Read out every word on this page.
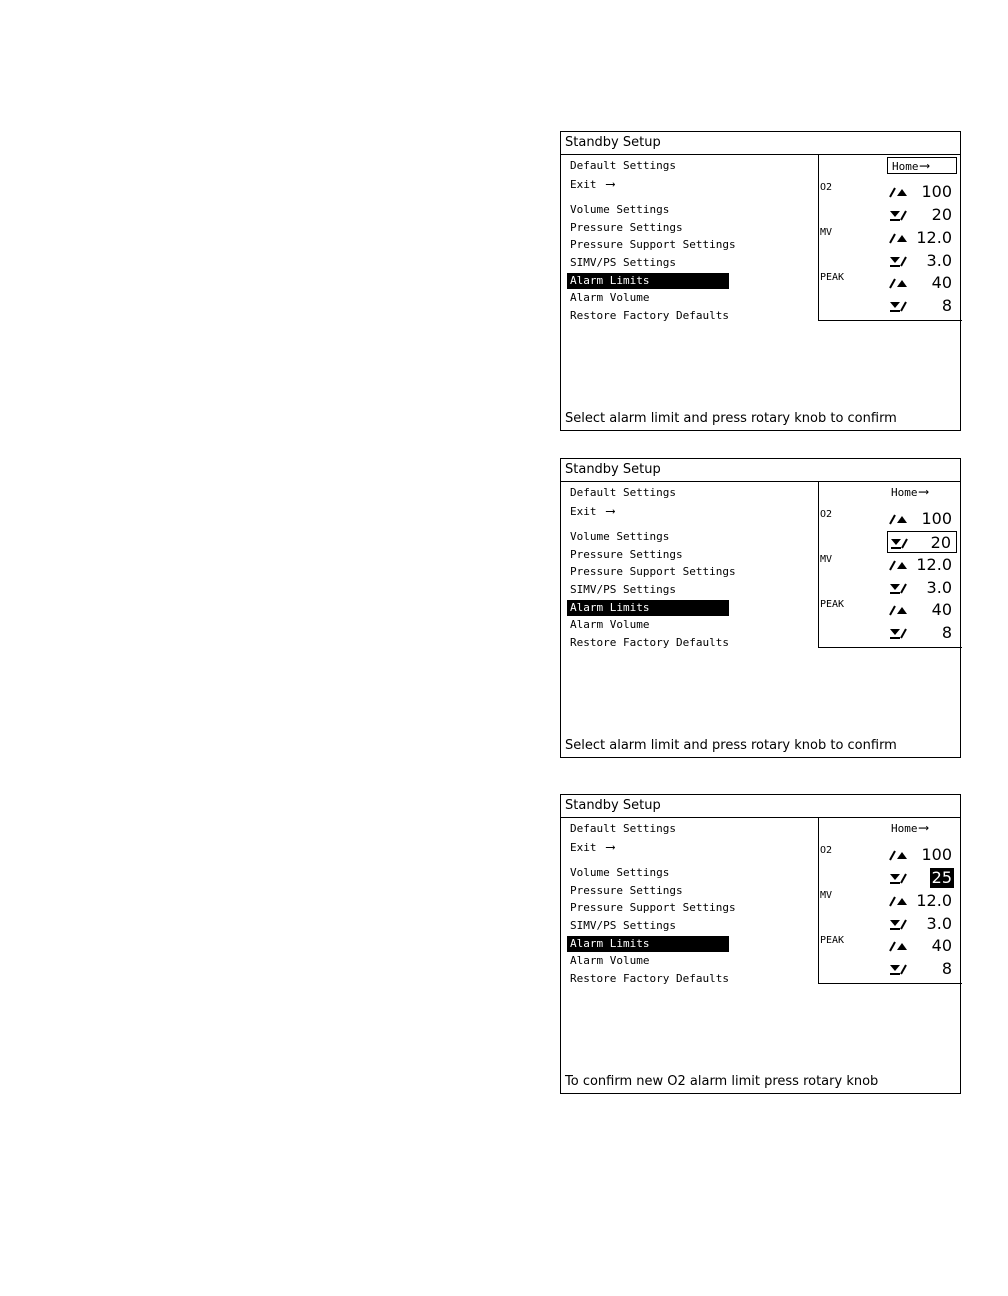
Standby Setup
Default Settings
Exit ⟶
Volume Settings
Pressure Settings
Pressure Support Settings
SIMV/PS Settings
Alarm Limits
Alarm Volume
Restore Factory Defaults
Home ⟶
O2
MV
PEAK
100
20
12.0
3.0
40
8
Select alarm limit and press rotary knob to confirm
Standby Setup
Default Settings
Exit ⟶
Volume Settings
Pressure Settings
Pressure Support Settings
SIMV/PS Settings
Alarm Limits
Alarm Volume
Restore Factory Defaults
Home ⟶
O2
MV
PEAK
100
20
12.0
3.0
40
8
Select alarm limit and press rotary knob to confirm
Standby Setup
Default Settings
Exit ⟶
Volume Settings
Pressure Settings
Pressure Support Settings
SIMV/PS Settings
Alarm Limits
Alarm Volume
Restore Factory Defaults
Home ⟶
O2
MV
PEAK
100
25
12.0
3.0
40
8
To confirm new O2 alarm limit press rotary knob
